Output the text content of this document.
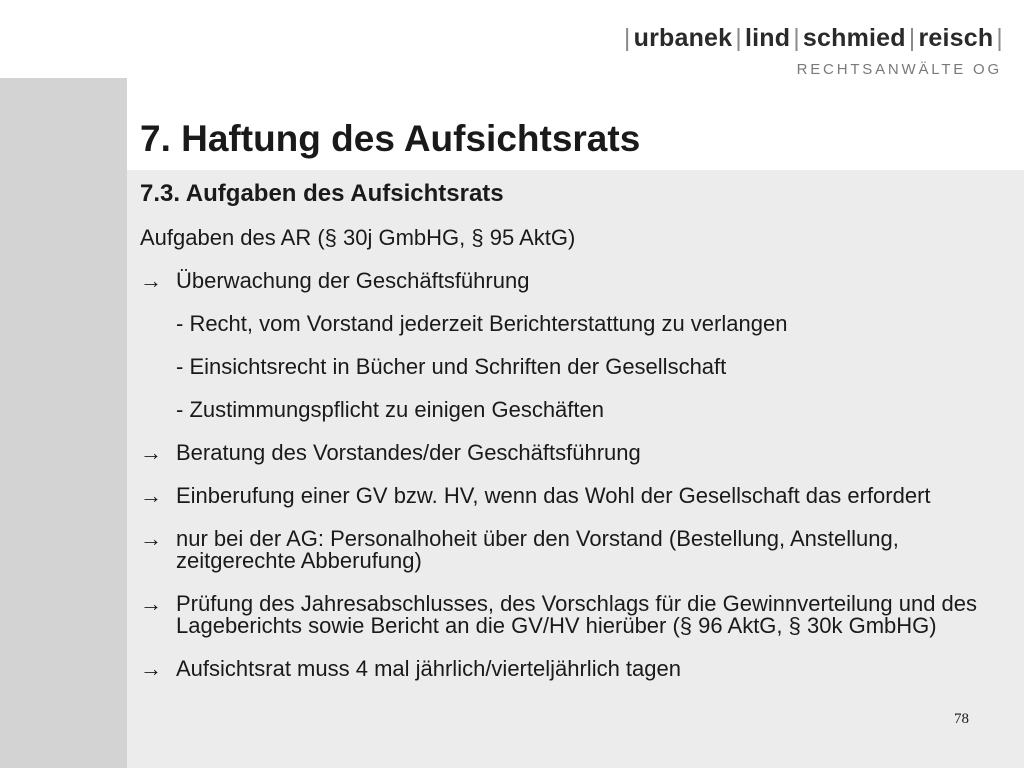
| urbanek | lind | schmied | reisch |
RECHTSANWÄLTE OG
7. Haftung des Aufsichtsrats
7.3. Aufgaben des Aufsichtsrats
Aufgaben des AR (§ 30j GmbHG, § 95 AktG)
→ Überwachung der Geschäftsführung
- Recht, vom Vorstand jederzeit Berichterstattung zu verlangen
- Einsichtsrecht in Bücher und Schriften der Gesellschaft
- Zustimmungspflicht zu einigen Geschäften
→ Beratung des Vorstandes/der Geschäftsführung
→ Einberufung einer GV bzw. HV, wenn das Wohl der Gesellschaft das erfordert
→ nur bei der AG: Personalhoheit über den Vorstand (Bestellung, Anstellung, zeitgerechte Abberufung)
→ Prüfung des Jahresabschlusses, des Vorschlags für die Gewinnverteilung und des Lageberichts sowie Bericht an die GV/HV hierüber (§ 96 AktG, § 30k GmbHG)
→ Aufsichtsrat muss 4 mal jährlich/vierteljährlich tagen
78
